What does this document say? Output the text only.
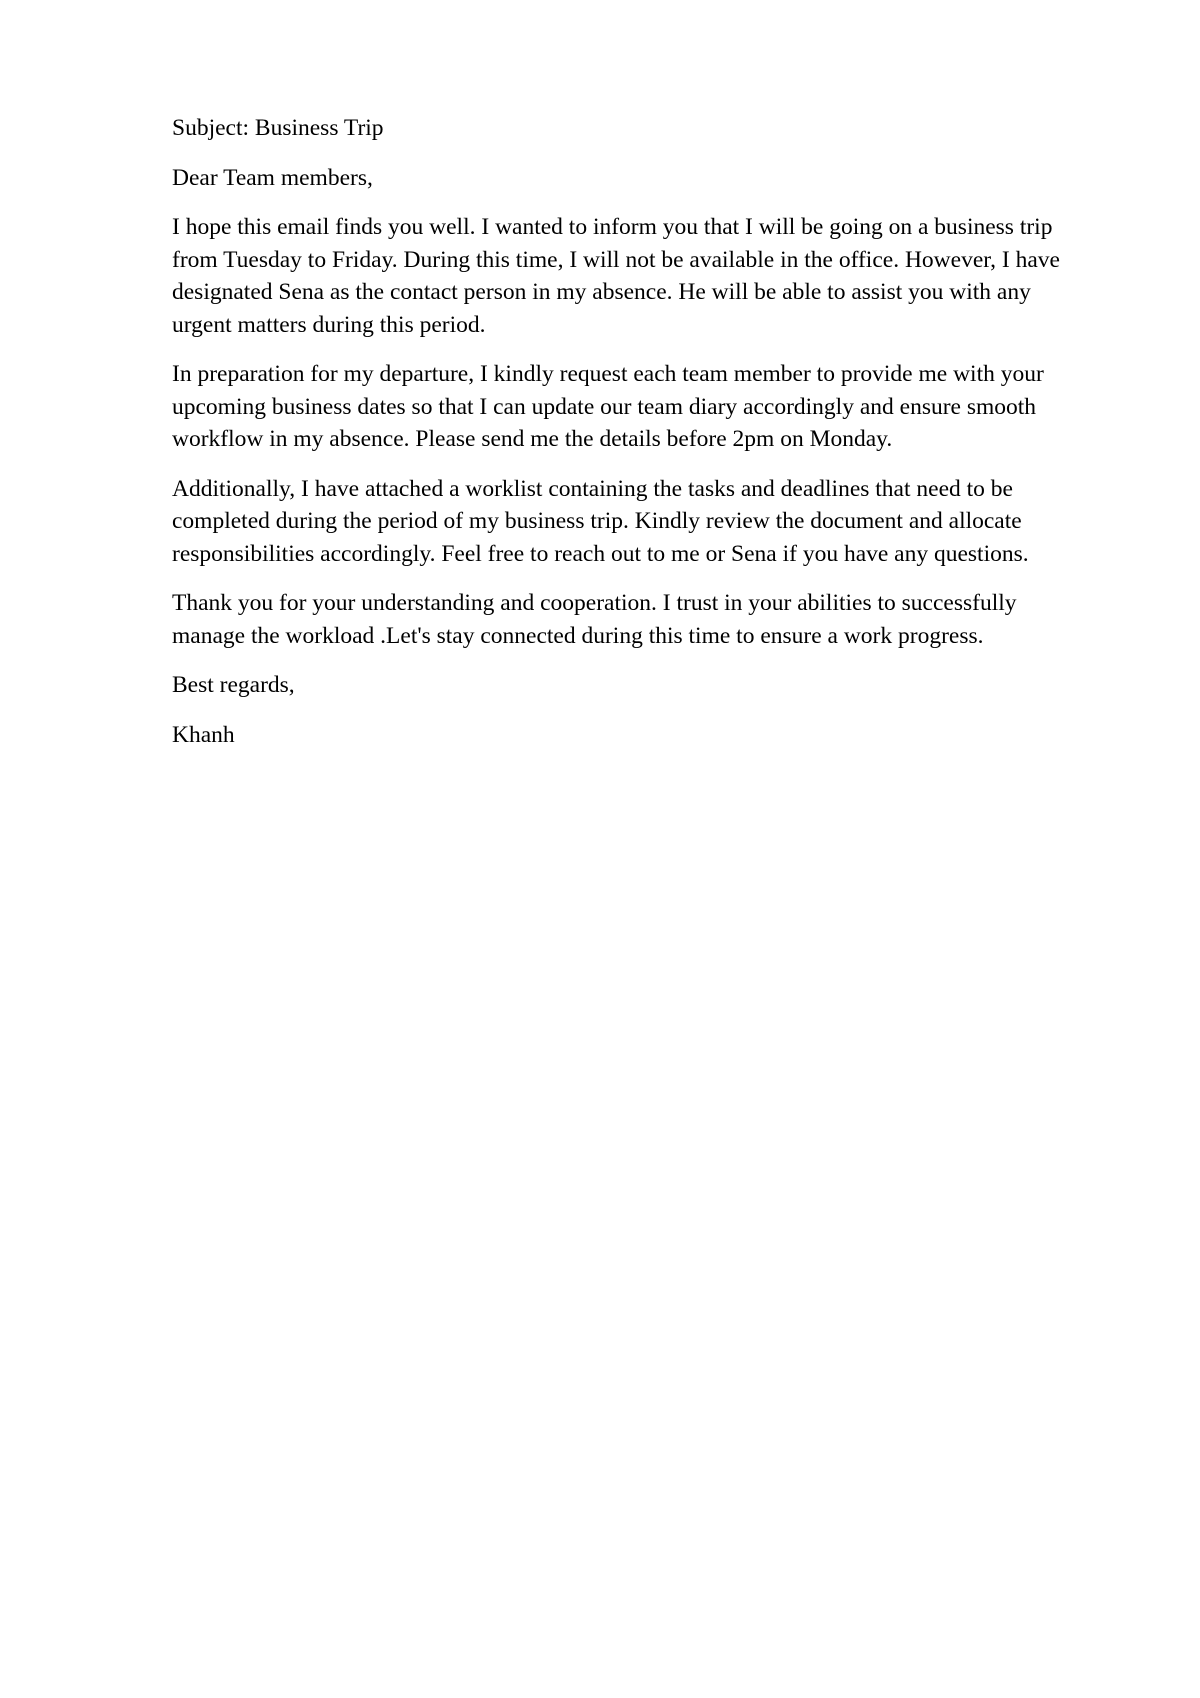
Subject: Business Trip

Dear Team members,

I hope this email finds you well. I wanted to inform you that I will be going on a business trip from Tuesday to Friday. During this time, I will not be available in the office. However, I have designated Sena as the contact person in my absence. He will be able to assist you with any urgent matters during this period.

In preparation for my departure, I kindly request each team member to provide me with your upcoming business dates so that I can update our team diary accordingly and ensure smooth workflow in my absence. Please send me the details before 2pm on Monday.

Additionally, I have attached a worklist containing the tasks and deadlines that need to be completed during the period of my business trip. Kindly review the document and allocate responsibilities accordingly. Feel free to reach out to me or Sena if you have any questions.

Thank you for your understanding and cooperation. I trust in your abilities to successfully manage the workload .Let's stay connected during this time to ensure a work progress.

Best regards,

Khanh
